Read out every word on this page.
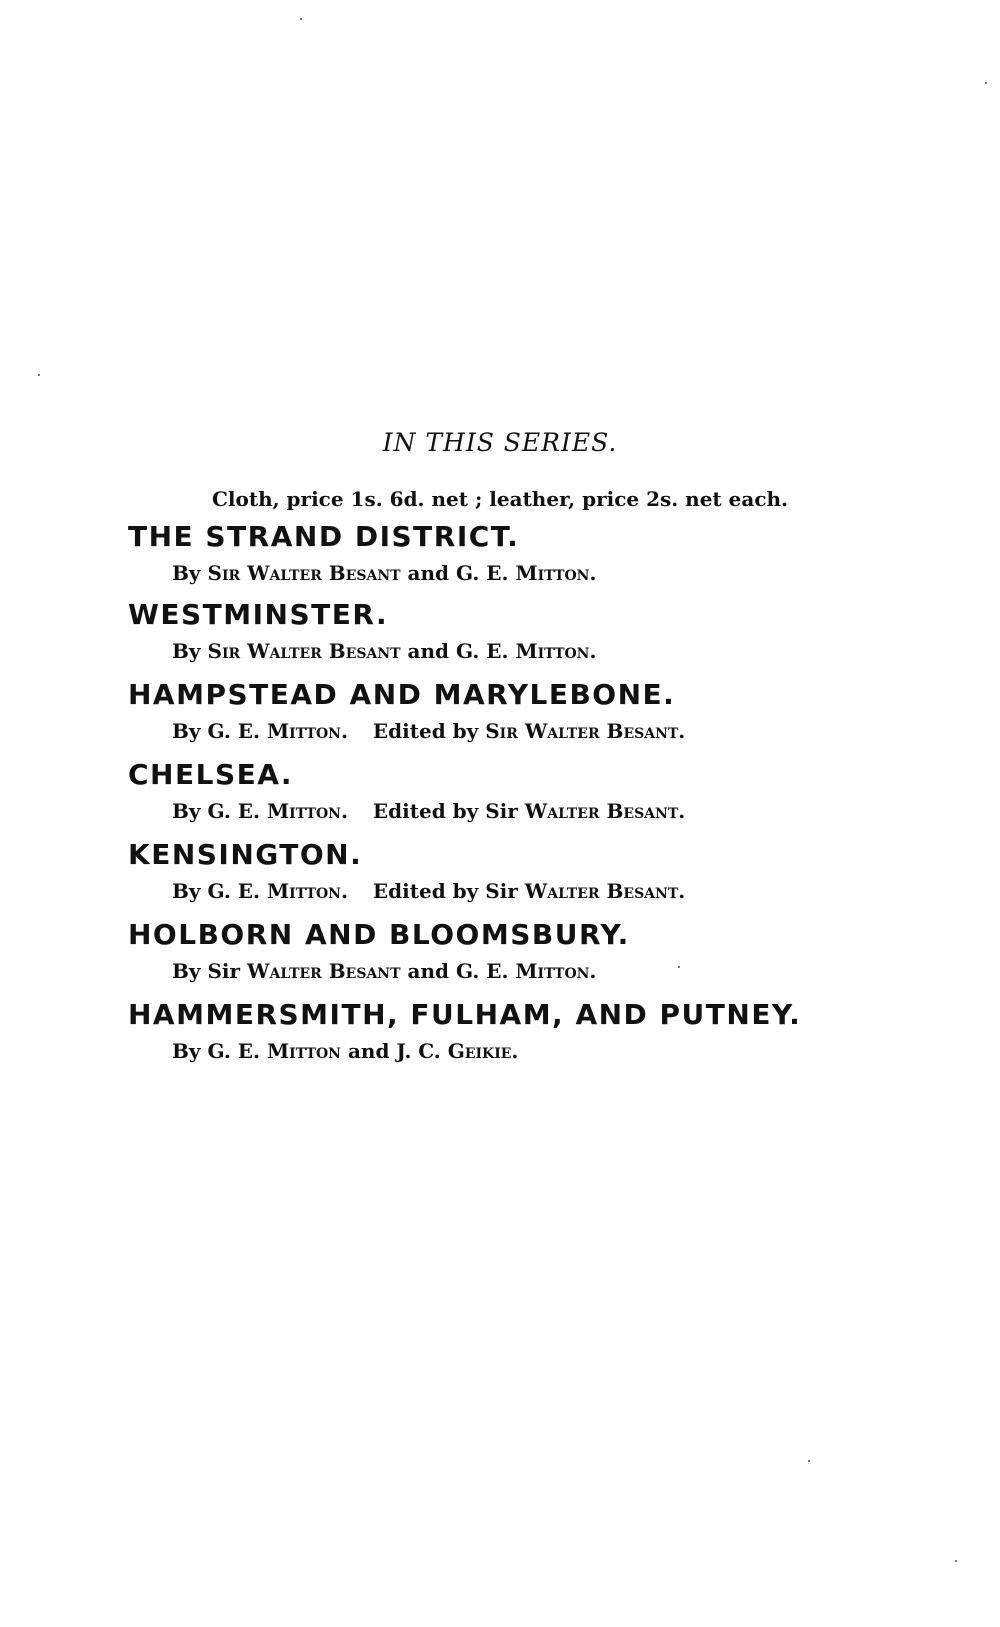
IN THIS SERIES.

Cloth, price 1s. 6d. net ; leather, price 2s. net each.

THE STRAND DISTRICT.

By Sir Walter Besant and G. E. Mitton.

WESTMINSTER.

By Sir Walter Besant and G. E. Mitton.

HAMPSTEAD AND MARYLEBONE.

By G. E. Mitton. Edited by Sir Walter Besant.

CHELSEA.

By G. E. Mitton. Edited by Sir Walter Besant.

KENSINGTON.

By G. E. Mitton. Edited by Sir Walter Besant.

HOLBORN AND BLOOMSBURY.

By Sir Walter Besant and G. E. Mitton.

HAMMERSMITH, FULHAM, AND PUTNEY.

By G. E. Mitton and J. C. Geikie.
